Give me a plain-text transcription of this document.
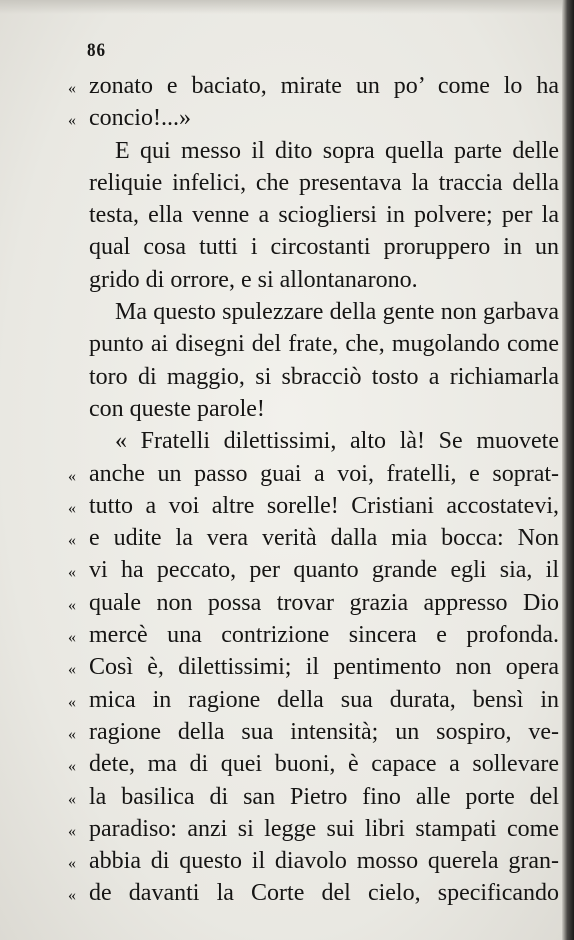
86
« zonato e baciato, mirate un po’ come lo ha
« concio!...»
E qui messo il dito sopra quella parte delle
reliquie infelici, che presentava la traccia della
testa, ella venne a sciogliersi in polvere; per la
qual cosa tutti i circostanti proruppero in un
grido di orrore, e si allontanarono.
Ma questo spulezzare della gente non garbava
punto ai disegni del frate, che, mugolando come
toro di maggio, si sbracciò tosto a richiamarla
con queste parole!
« Fratelli dilettissimi, alto là! Se muovete
« anche un passo guai a voi, fratelli, e soprat-
« tutto a voi altre sorelle! Cristiani accostatevi,
« e udite la vera verità dalla mia bocca: Non
« vi ha peccato, per quanto grande egli sia, il
« quale non possa trovar grazia appresso Dio
« mercè una contrizione sincera e profonda.
« Così è, dilettissimi; il pentimento non opera
« mica in ragione della sua durata, bensì in
« ragione della sua intensità; un sospiro, ve-
« dete, ma di quei buoni, è capace a sollevare
« la basilica di san Pietro fino alle porte del
« paradiso: anzi si legge sui libri stampati come
« abbia di questo il diavolo mosso querela gran-
« de davanti la Corte del cielo, specificando
